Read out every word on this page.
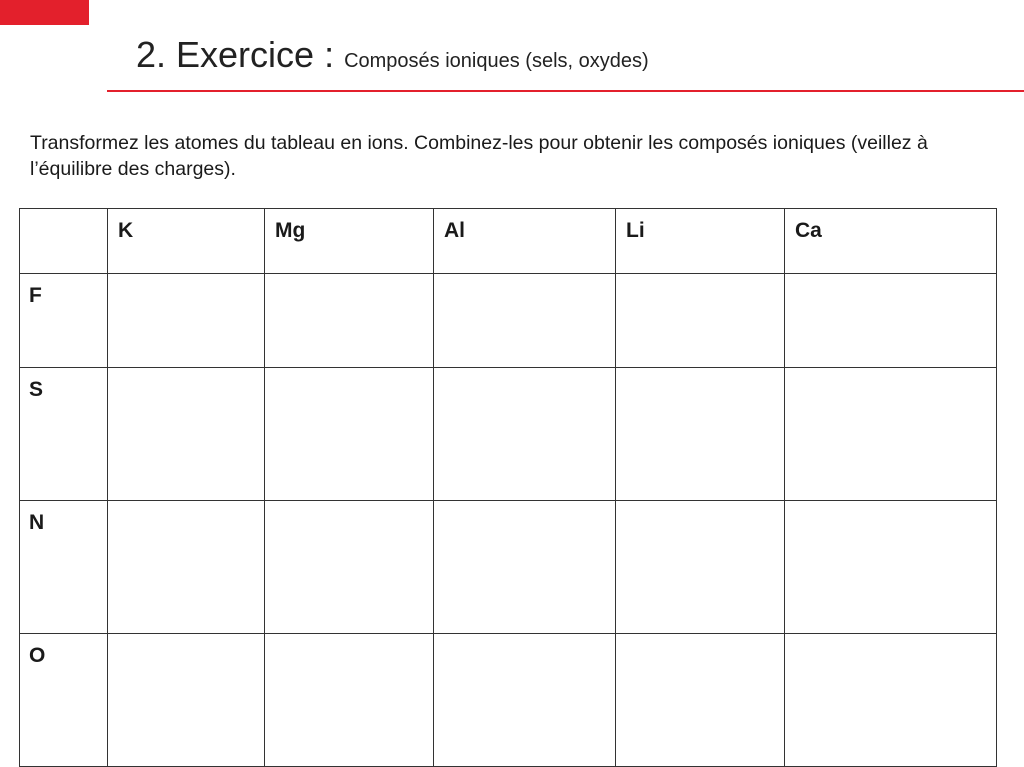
2. Exercice : Composés ioniques (sels, oxydes)
Transformez les atomes du tableau en ions. Combinez-les pour obtenir les composés ioniques (veillez à l’équilibre des charges).
	K	Mg	Al	Li	Ca
F					
S					
N					
O					
